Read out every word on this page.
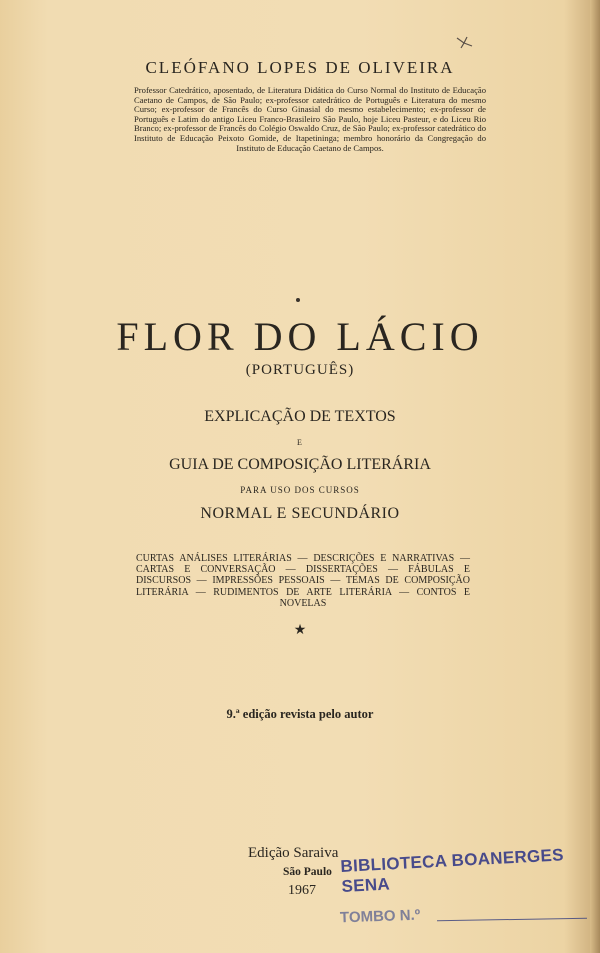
CLEÓFANO LOPES DE OLIVEIRA
Professor Catedrático, aposentado, de Literatura Didática do Curso Normal do Instituto de Educação Caetano de Campos, de São Paulo; ex-professor catedrático de Português e Literatura do mesmo Curso; ex-professor de Francês do Curso Ginasial do mesmo estabelecimento; ex-professor de Português e Latim do antigo Liceu Franco-Brasileiro São Paulo, hoje Liceu Pasteur, e do Liceu Rio Branco; ex-professor de Francês do Colégio Oswaldo Cruz, de São Paulo; ex-professor catedrático do Instituto de Educação Peixoto Gomide, de Itapetininga; membro honorário da Congregação do Instituto de Educação Caetano de Campos.
FLOR DO LÁCIO
(PORTUGUÊS)
EXPLICAÇÃO DE TEXTOS
E
GUIA DE COMPOSIÇÃO LITERÁRIA
PARA USO DOS CURSOS
NORMAL E SECUNDÁRIO
CURTAS ANÁLISES LITERÁRIAS — DESCRIÇÕES E NARRATIVAS — CARTAS E CONVERSAÇÃO — DISSERTAÇÕES — FÁBULAS E DISCURSOS — IMPRESSÕES PESSOAIS — TEMAS DE COMPOSIÇÃO LITERÁRIA — RUDIMENTOS DE ARTE LITERÁRIA — CONTOS E NOVELAS
★
9.ª edição revista pelo autor
Edição Saraiva
São Paulo
1967
BIBLIOTECA BOANERGES SENA
TOMBO N.º
